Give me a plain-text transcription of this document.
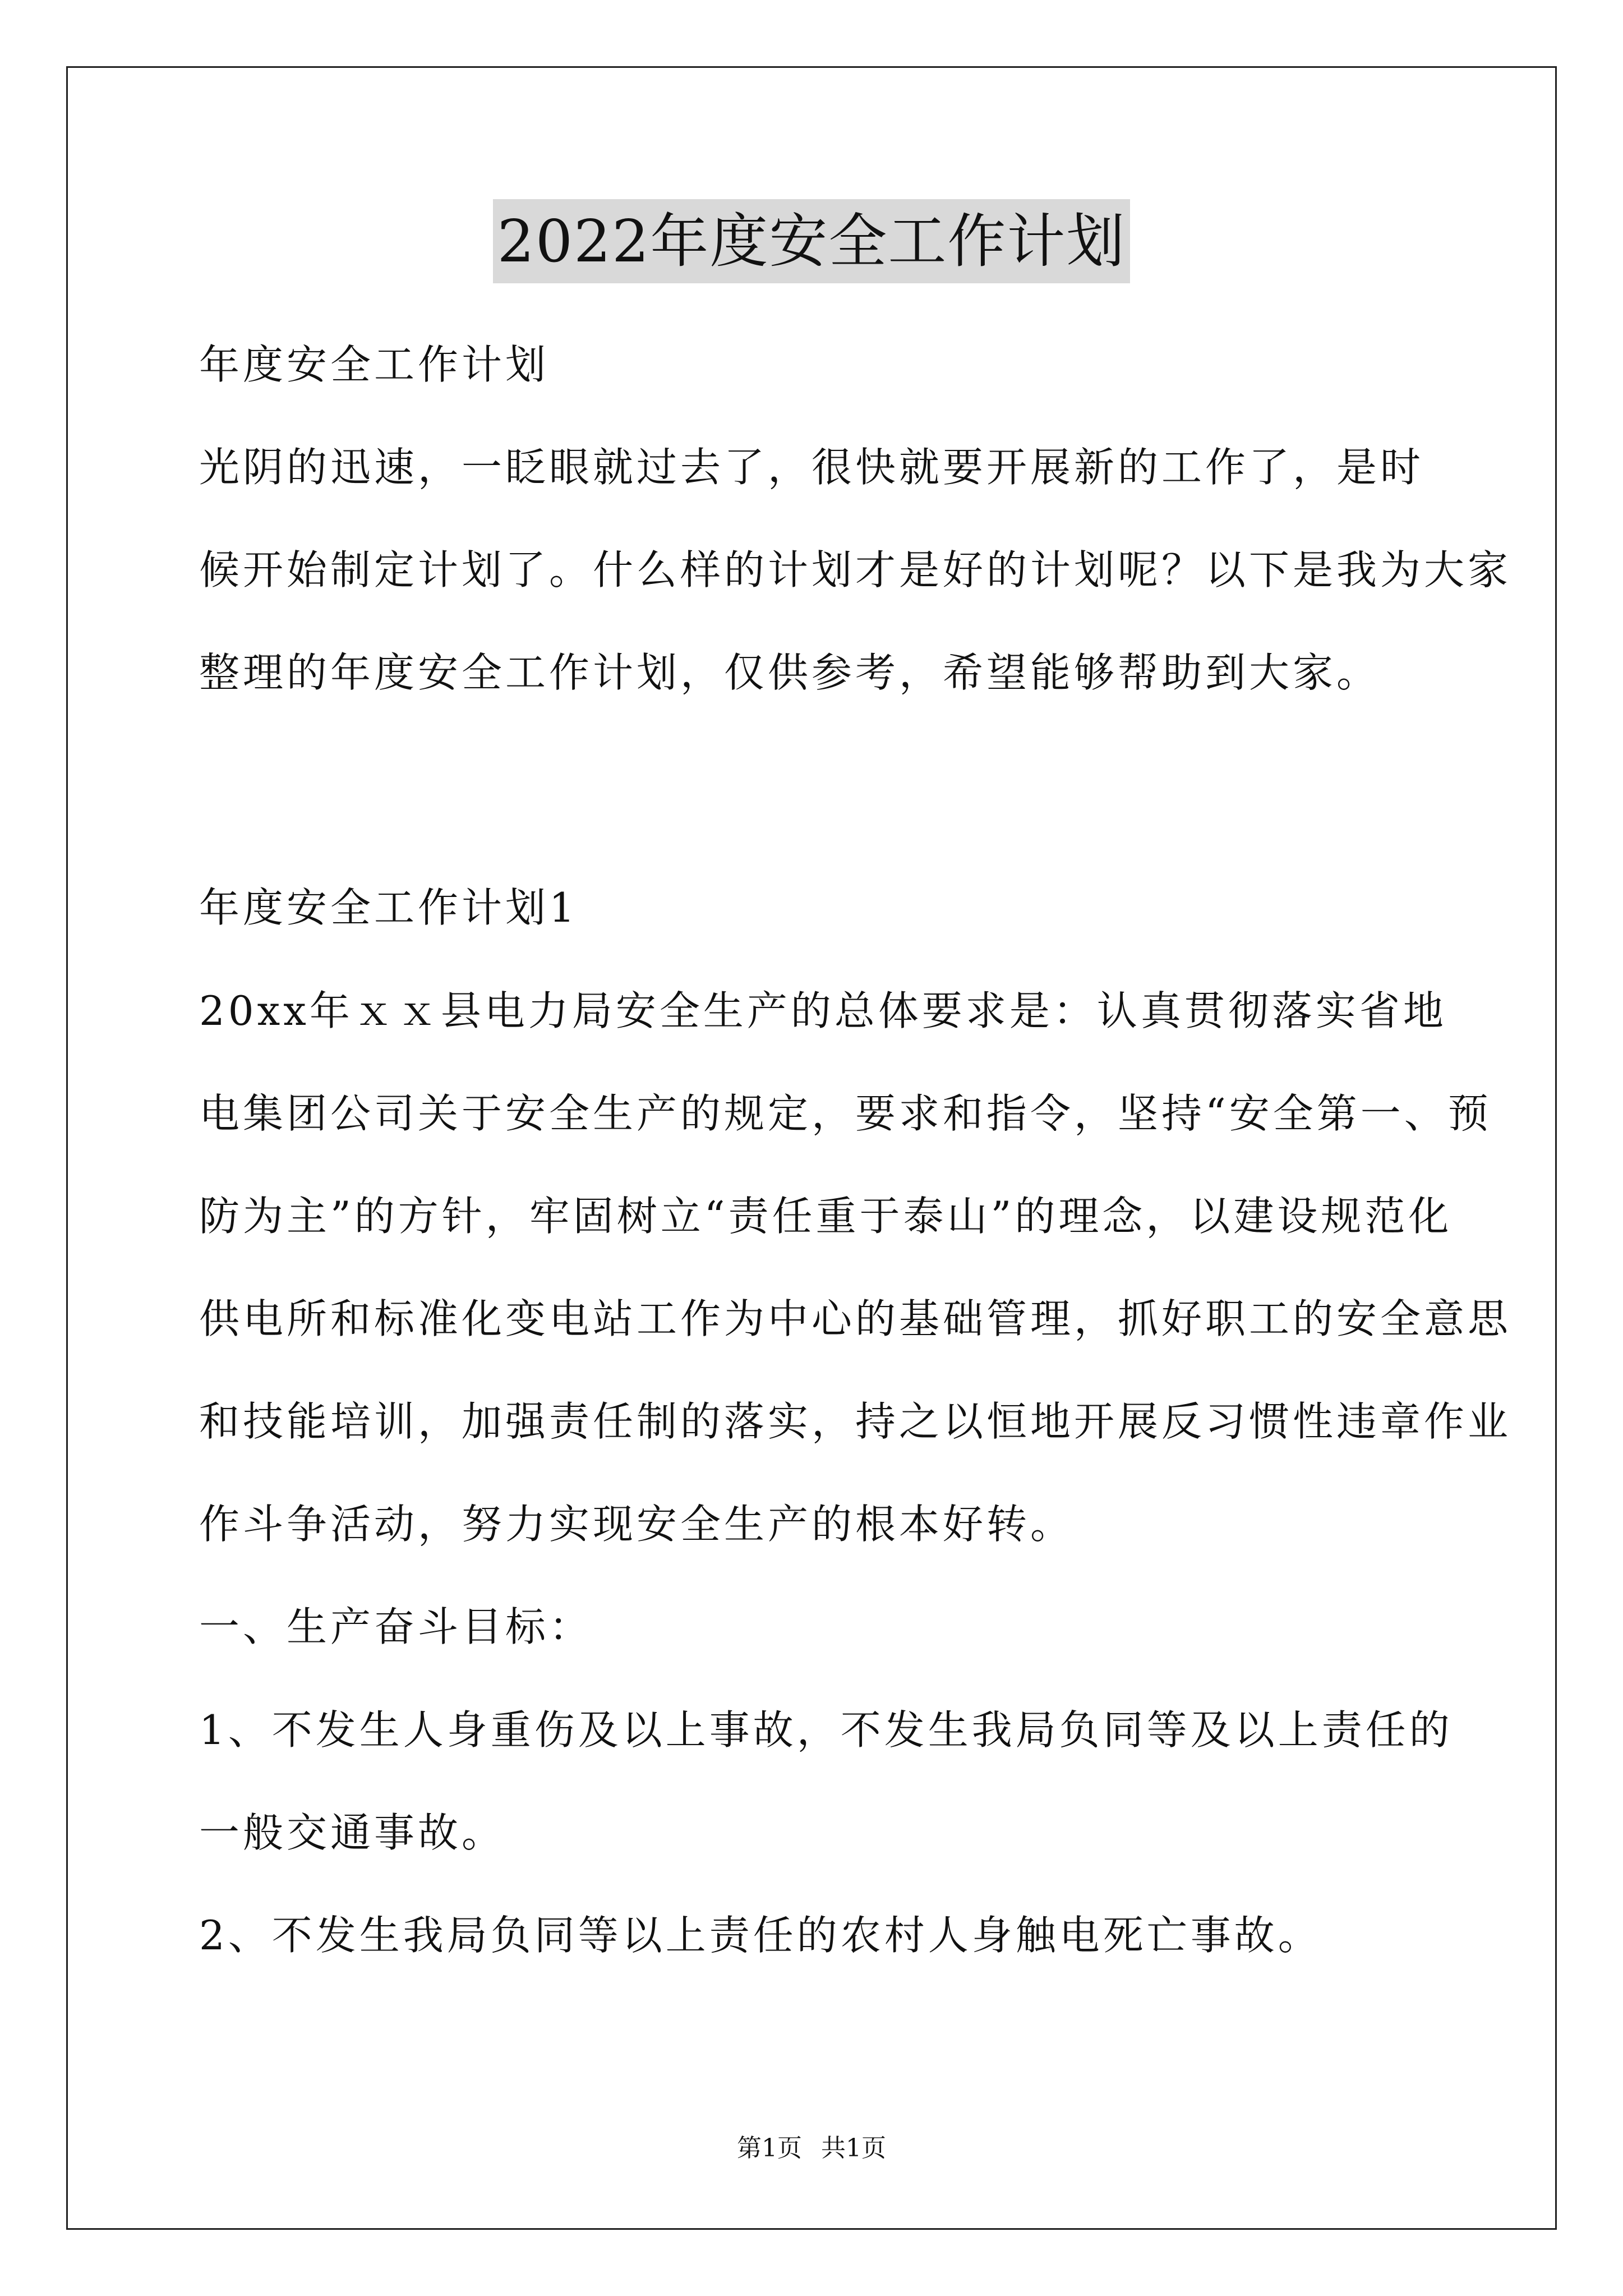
2022年度安全工作计划
年度安全工作计划
光阴的迅速，一眨眼就过去了，很快就要开展新的工作了，是时
候开始制定计划了。什么样的计划才是好的计划呢？以下是我为大家
整理的年度安全工作计划，仅供参考，希望能够帮助到大家。
年度安全工作计划1
20xx年ｘｘ县电力局安全生产的总体要求是：认真贯彻落实省地
电集团公司关于安全生产的规定，要求和指令，坚持“安全第一、预
防为主”的方针，牢固树立“责任重于泰山”的理念，以建设规范化
供电所和标准化变电站工作为中心的基础管理，抓好职工的安全意思
和技能培训，加强责任制的落实，持之以恒地开展反习惯性违章作业
作斗争活动，努力实现安全生产的根本好转。
一、生产奋斗目标：
1、不发生人身重伤及以上事故，不发生我局负同等及以上责任的
一般交通事故。
2、不发生我局负同等以上责任的农村人身触电死亡事故。
第1页 共1页
